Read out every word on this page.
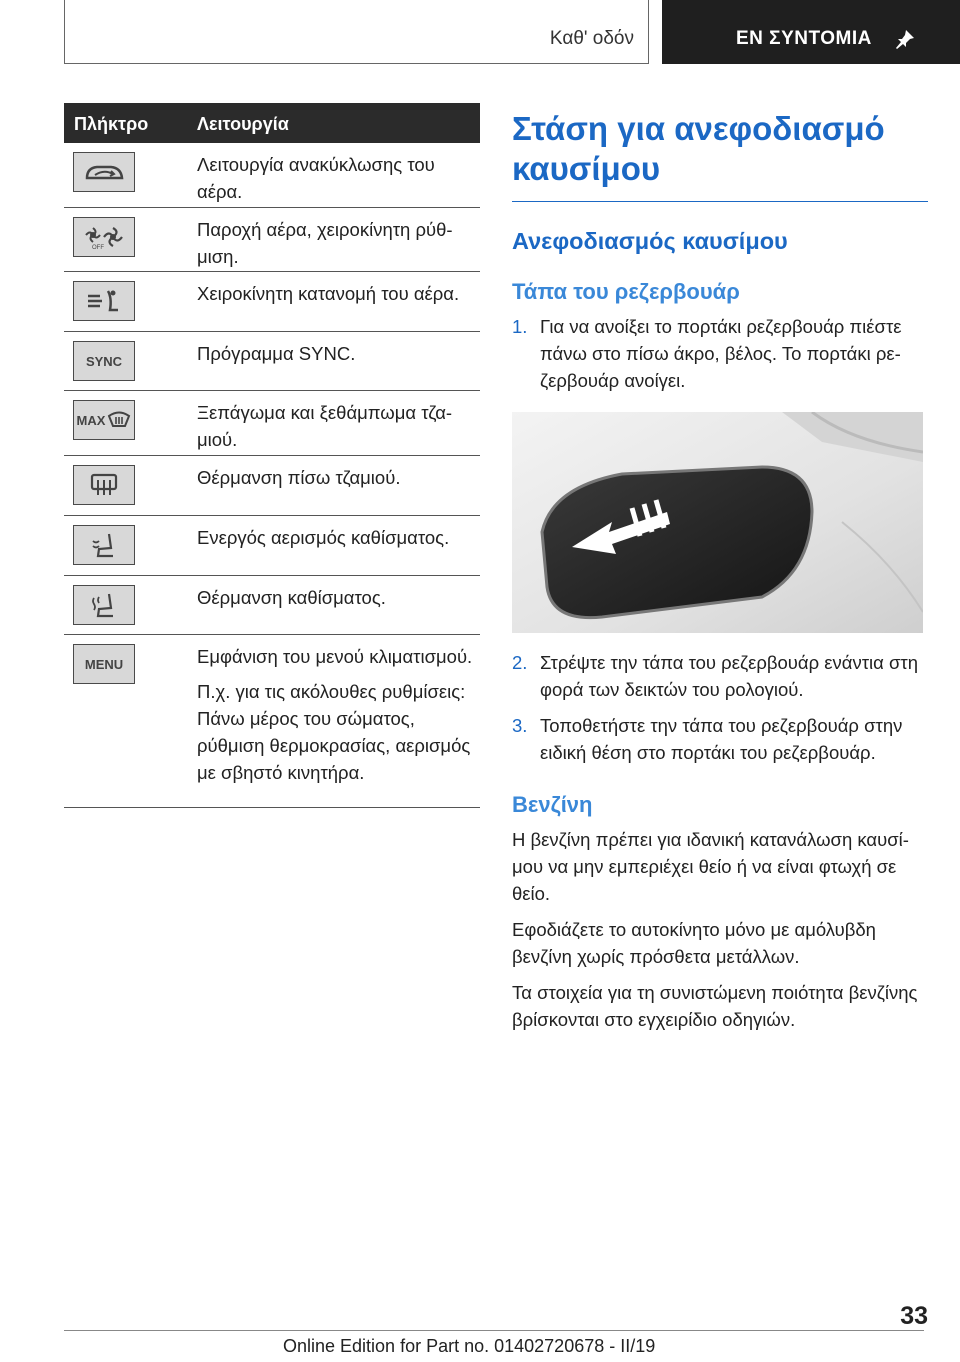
Καθ' οδόν	ΕΝ ΣΥΝΤΟΜΙΑ
Πλήκτρο	Λειτουργία
Λειτουργία ανακύκλωσης του αέρα.
OFF
Παροχή αέρα, χειροκίνητη ρύθμιση.
Χειροκίνητη κατανομή του αέρα.
SYNC	Πρόγραμμα SYNC.
MAX	Ξεπάγωμα και ξεθάμπωμα τζαμιού.
Θέρμανση πίσω τζαμιού.
Ενεργός αερισμός καθίσματος.
Θέρμανση καθίσματος.
MENU	Εμφάνιση του μενού κλιματισμού.

Π.χ. για τις ακόλουθες ρυθμίσεις: Πάνω μέρος του σώματος, ρύθμιση θερμοκρασίας, αερισμός με σβηστό κινητήρα.

Στάση για ανεφοδιασμό καυσίμου
Ανεφοδιασμός καυσίμου
Τάπα του ρεζερβουάρ
1. Για να ανοίξει το πορτάκι ρεζερβουάρ πιέστε πάνω στο πίσω άκρο, βέλος. Το πορτάκι ρεζερβουάρ ανοίγει.
2. Στρέψτε την τάπα του ρεζερβουάρ ενάντια στη φορά των δεικτών του ρολογιού.
3. Τοποθετήστε την τάπα του ρεζερβουάρ στην ειδική θέση στο πορτάκι του ρεζερβουάρ.
Βενζίνη

Η βενζίνη πρέπει για ιδανική κατανάλωση καυσίμου να μην εμπεριέχει θείο ή να είναι φτωχή σε θείο.

Εφοδιάζετε το αυτοκίνητο μόνο με αμόλυβδη βενζίνη χωρίς πρόσθετα μετάλλων.

Τα στοιχεία για τη συνιστώμενη ποιότητα βενζίνης βρίσκονται στο εγχειρίδιο οδηγιών.

33
Online Edition for Part no. 01402720678 - II/19
